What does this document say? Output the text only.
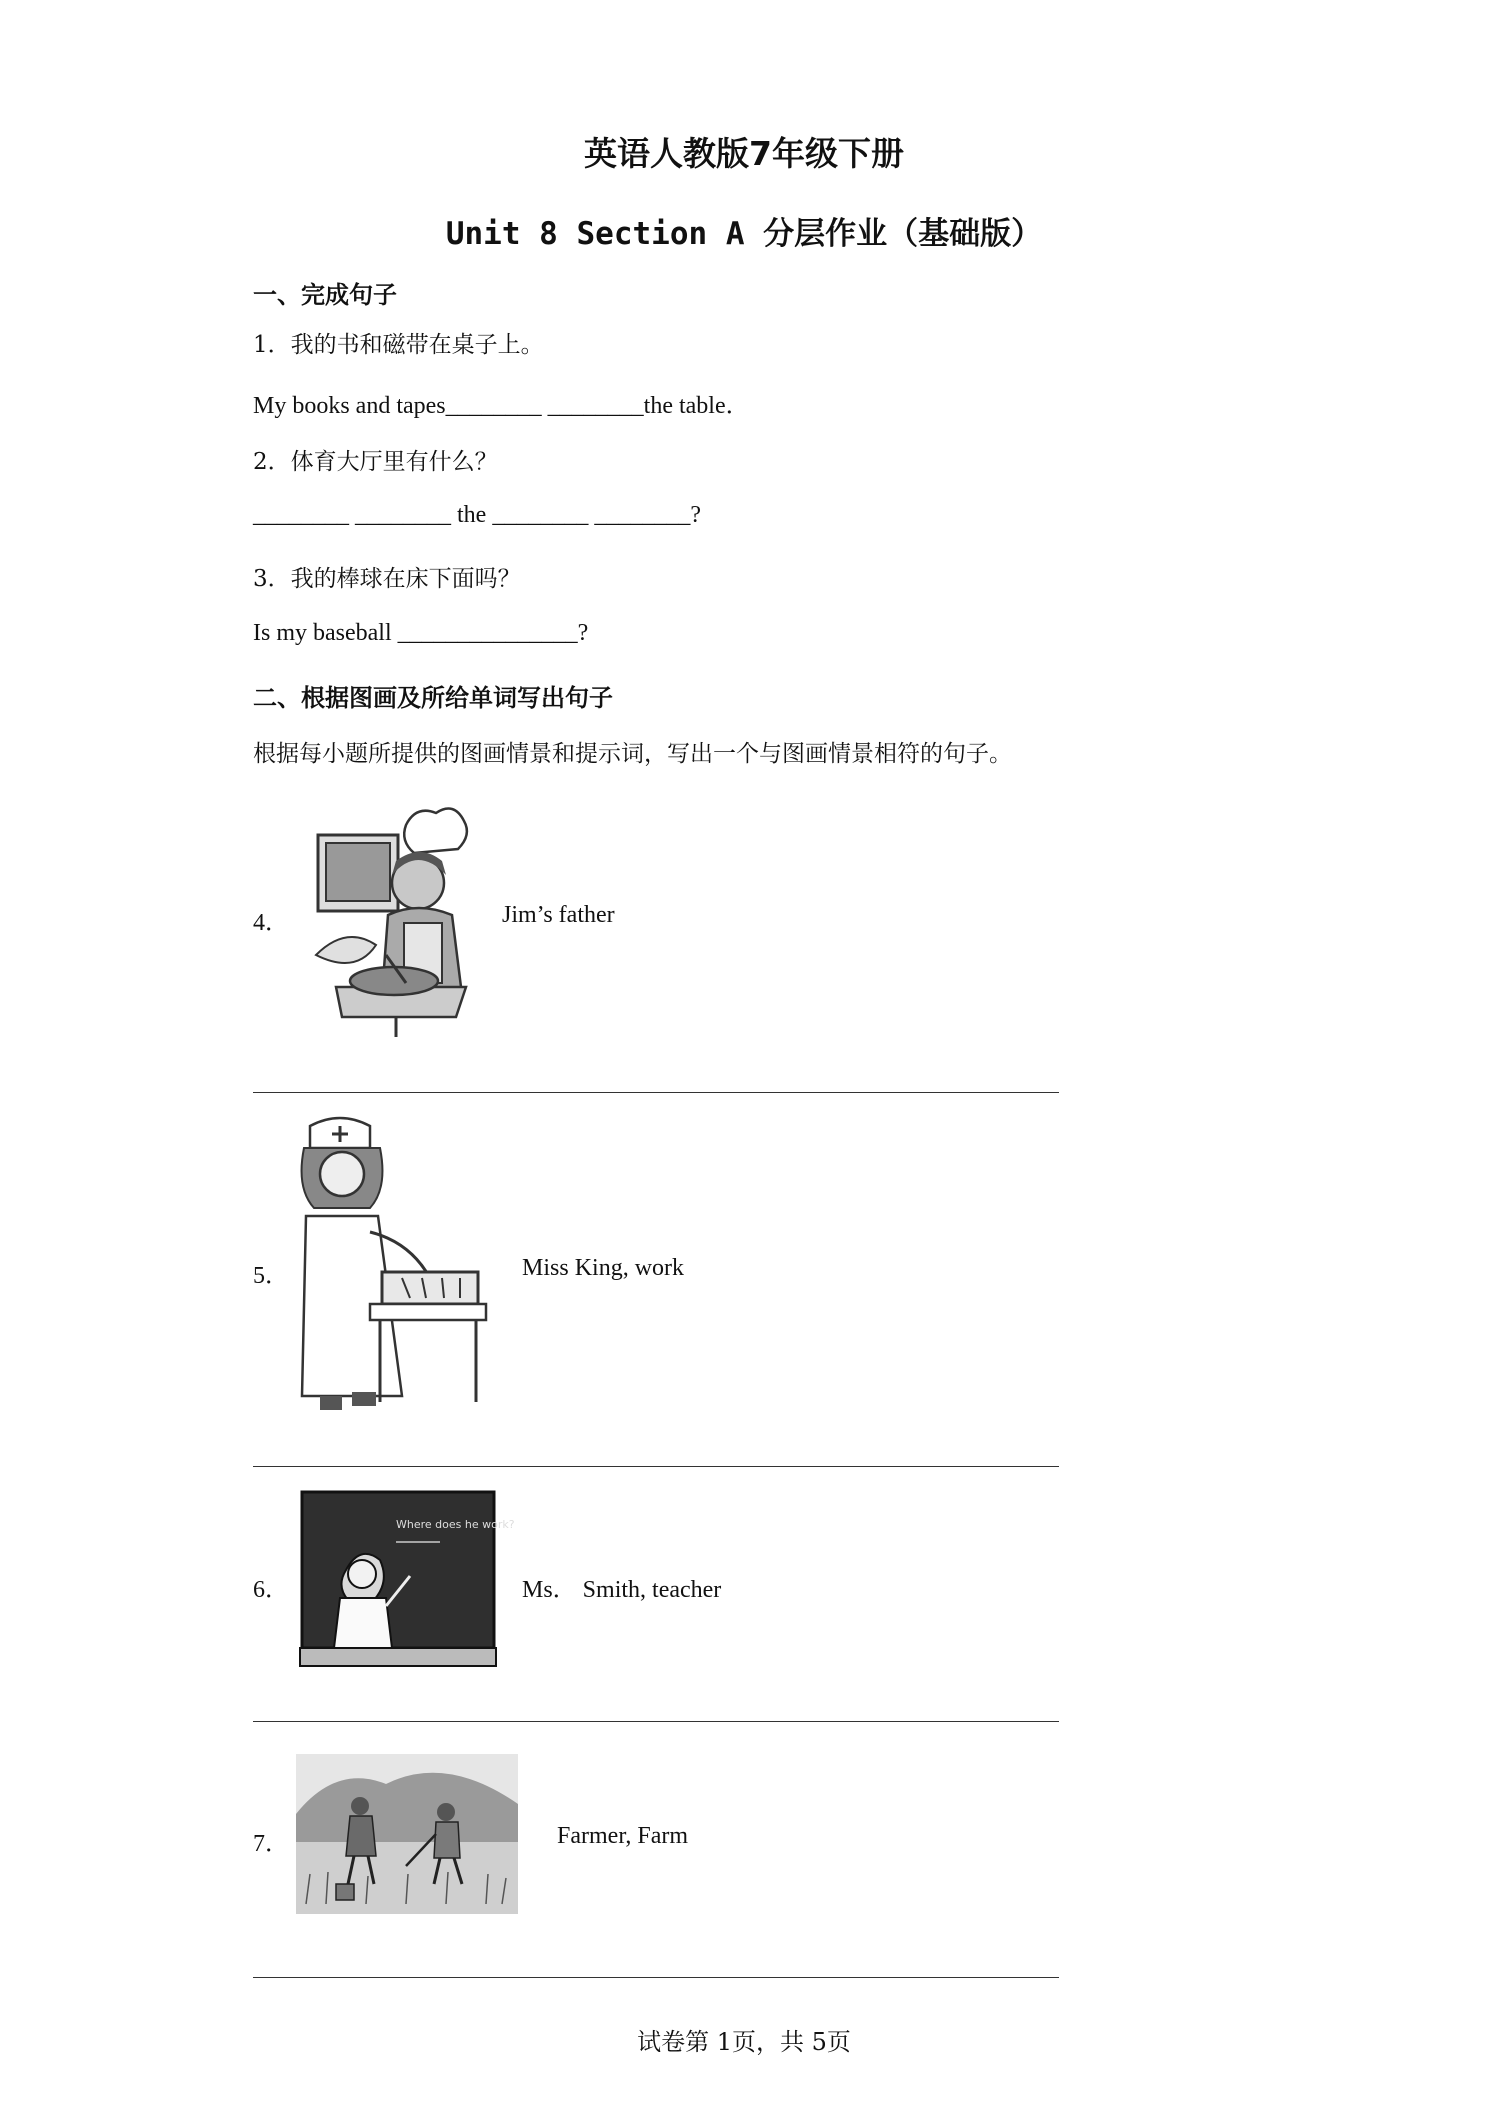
英语人教版7年级下册
Unit 8 Section A 分层作业（基础版）
一、完成句子
1．我的书和磁带在桌子上。
My books and tapes________ ________the table．
2．体育大厅里有什么？
________ ________ the ________ ________?
3．我的棒球在床下面吗？
Is my baseball _______________?
二、根据图画及所给单词写出句子
根据每小题所提供的图画情景和提示词，写出一个与图画情景相符的句子。
4．	Jim’s father
5．	Miss King, work
6．
Where does he work?
Ms． Smith, teacher
7．	Farmer, Farm
试卷第 1页，共 5页
